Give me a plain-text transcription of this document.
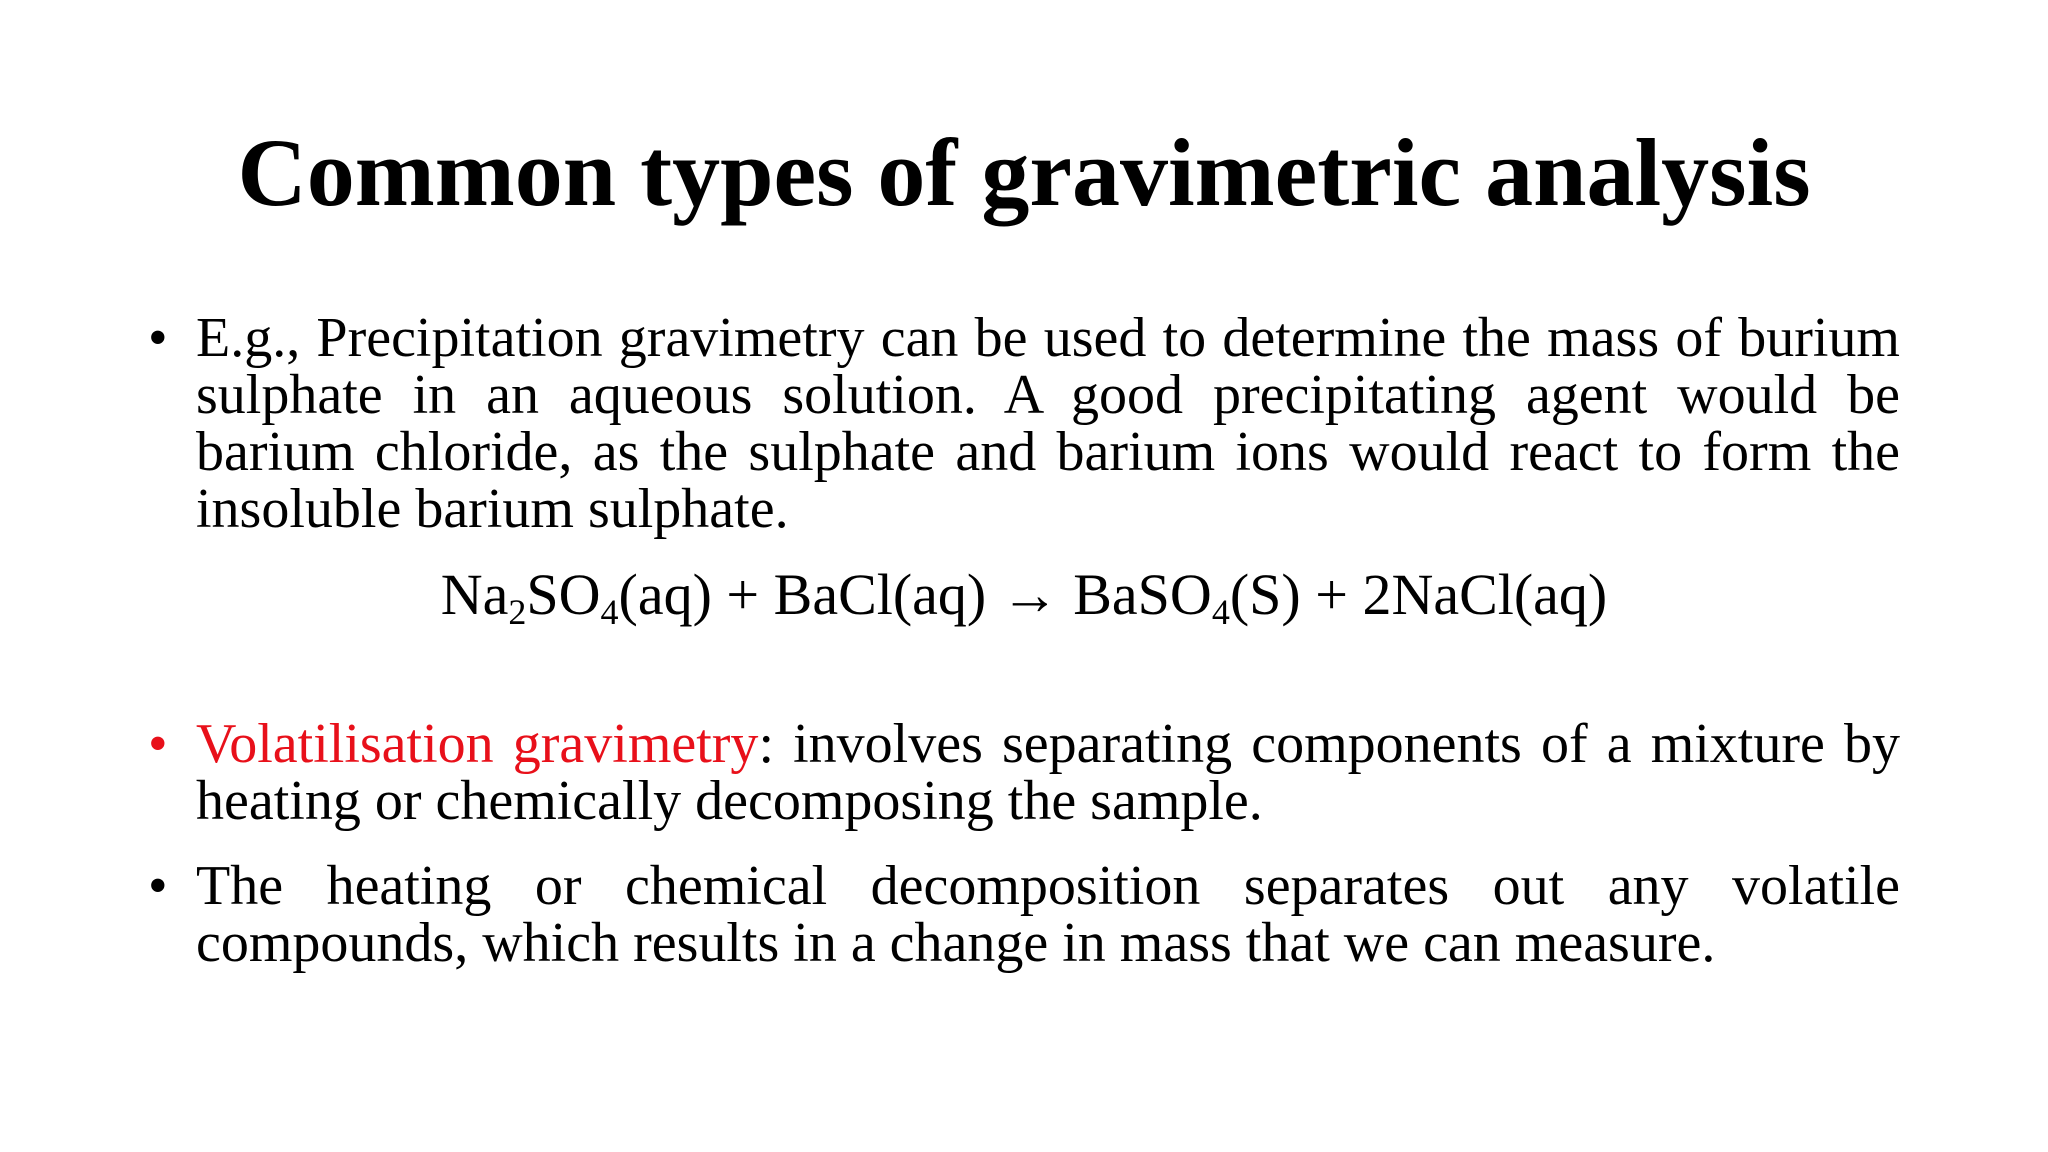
Common types of gravimetric analysis
• E.g., Precipitation gravimetry can be used to determine the mass of burium sulphate in an aqueous solution. A good precipitating agent would be barium chloride, as the sulphate and barium ions would react to form the insoluble barium sulphate.
$Na_2SO_4(aq)$ + BaCl(aq) → BaSO$_4$(S) + 2NaCl(aq)
• Volatilisation gravimetry: involves separating components of a mixture by heating or chemically decomposing the sample.
• The heating or chemical decomposition separates out any volatile compounds, which results in a change in mass that we can measure.
